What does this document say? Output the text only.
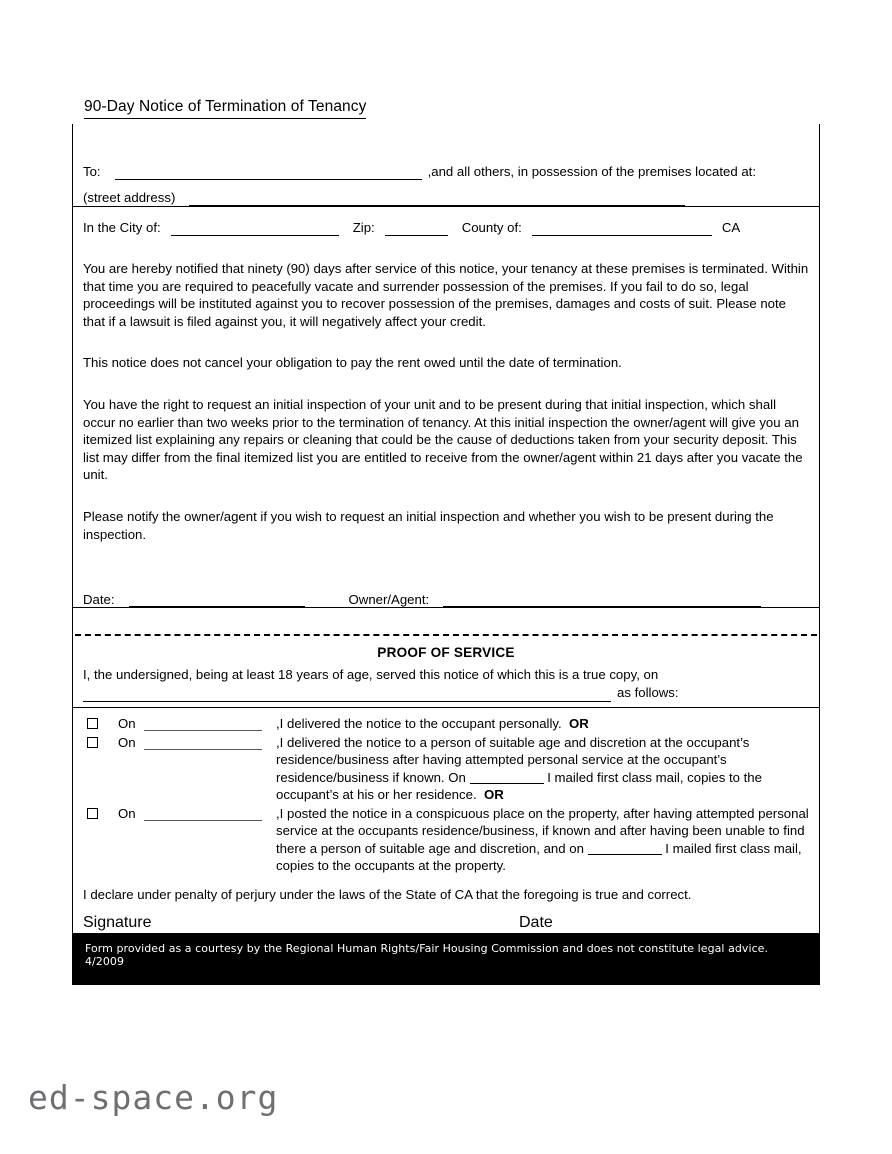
90-Day Notice of Termination of Tenancy
To:	,and all others, in possession of the premises located at:
(street address)
In the City of:	Zip:	County of:	CA

You are hereby notified that ninety (90) days after service of this notice, your tenancy at these premises is terminated. Within that time you are required to peacefully vacate and surrender possession of the premises. If you fail to do so, legal proceedings will be instituted against you to recover possession of the premises, damages and costs of suit. Please note that if a lawsuit is filed against you, it will negatively affect your credit.

This notice does not cancel your obligation to pay the rent owed until the date of termination.

You have the right to request an initial inspection of your unit and to be present during that initial inspection, which shall occur no earlier than two weeks prior to the termination of tenancy. At this initial inspection the owner/agent will give you an itemized list explaining any repairs or cleaning that could be the cause of deductions taken from your security deposit. This list may differ from the final itemized list you are entitled to receive from the owner/agent within 21 days after you vacate the unit.

Please notify the owner/agent if you wish to request an initial inspection and whether you wish to be present during the inspection.

Date:	Owner/Agent:
PROOF OF SERVICE
I, the undersigned, being at least 18 years of age, served this notice of which this is a true copy, on
as follows:
On	,I delivered the notice to the occupant personally. OR
On	,I delivered the notice to a person of suitable age and discretion at the occupant’s residence/business after having attempted personal service at the occupant’s residence/business if known. On	I mailed first class mail, copies to the occupant’s at his or her residence. OR
On	,I posted the notice in a conspicuous place on the property, after having attempted personal service at the occupants residence/business, if known and after having been unable to find there a person of suitable age and discretion, and on	I mailed first class mail, copies to the occupants at the property.
I declare under penalty of perjury under the laws of the State of CA that the foregoing is true and correct.
Signature	Date
Form provided as a courtesy by the Regional Human Rights/Fair Housing Commission and does not constitute legal advice. 4/2009
ed-space.org
